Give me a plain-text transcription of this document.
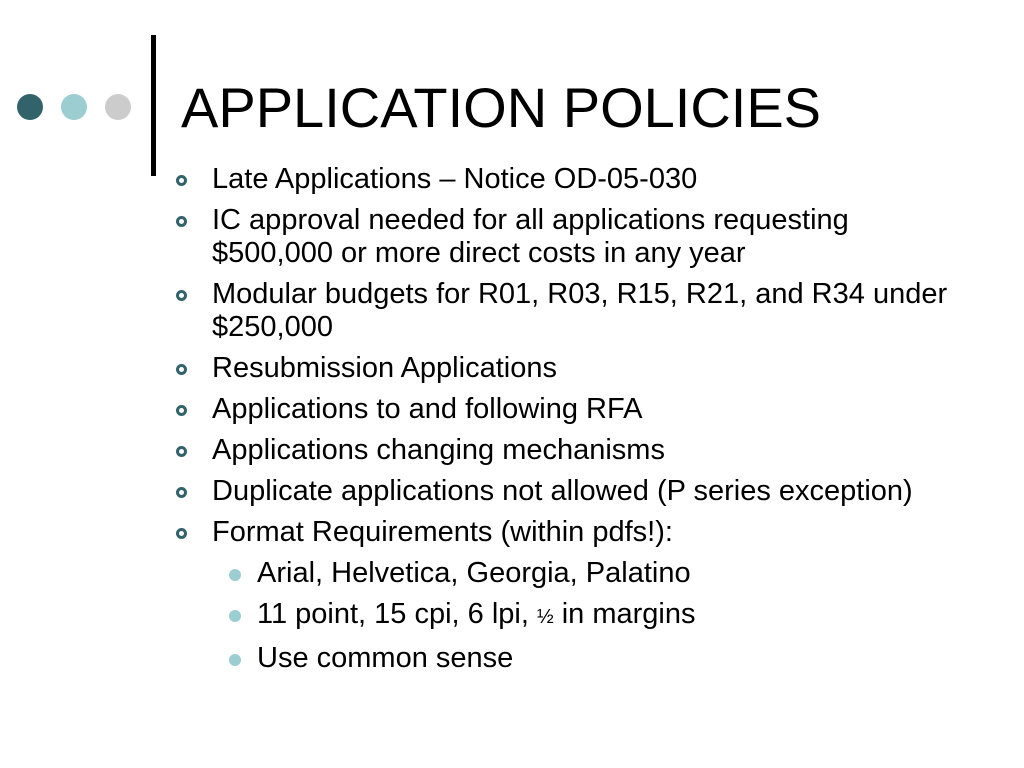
APPLICATION POLICIES
Late Applications – Notice OD-05-030
IC approval needed for all applications requesting $500,000 or more direct costs in any year
Modular budgets for R01, R03, R15, R21, and R34 under $250,000
Resubmission Applications
Applications to and following RFA
Applications changing mechanisms
Duplicate applications not allowed (P series exception)
Format Requirements (within pdfs!):
Arial, Helvetica, Georgia, Palatino
11 point, 15 cpi, 6 lpi, ½ in margins
Use common sense
